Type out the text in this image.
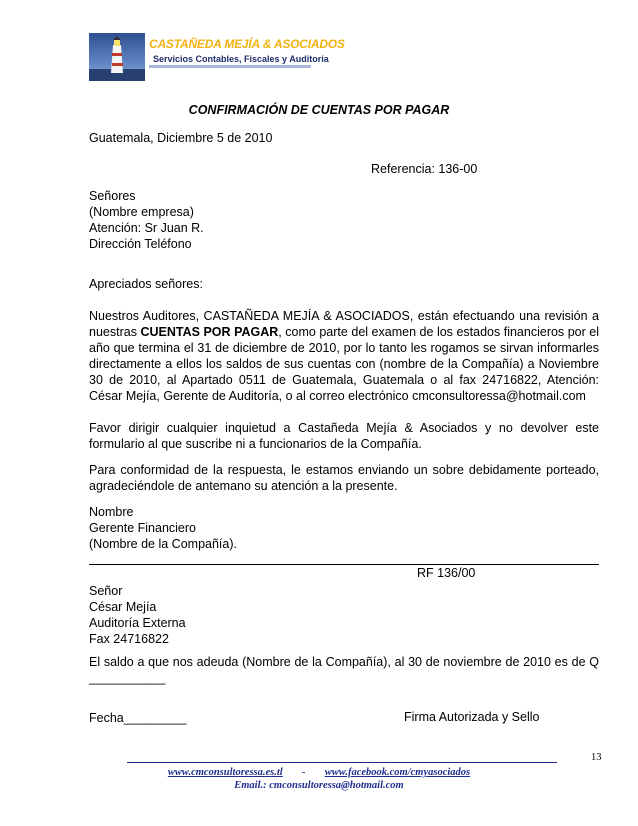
CASTAÑEDA MEJÍA & ASOCIADOS
Servicios Contables, Fiscales y Auditoría
CONFIRMACIÓN DE CUENTAS POR PAGAR
Guatemala, Diciembre 5 de 2010
Referencia: 136-00
Señores
(Nombre empresa)
Atención: Sr Juan R.
Dirección Teléfono
Apreciados señores:
Nuestros Auditores, CASTAÑEDA MEJÍA & ASOCIADOS, están efectuando una revisión a nuestras CUENTAS POR PAGAR, como parte del examen de los estados financieros por el año que termina el 31 de diciembre de 2010, por lo tanto les rogamos se sirvan informarles directamente a ellos los saldos de sus cuentas con (nombre de la Compañía) a Noviembre 30 de 2010, al Apartado 0511 de Guatemala, Guatemala o al fax 24716822, Atención: César Mejía, Gerente de Auditoría, o al correo electrónico cmconsultoressa@hotmail.com
Favor dirigir cualquier inquietud a Castañeda Mejía & Asociados y no devolver este formulario al que suscribe ni a funcionarios de la Compañía.
Para conformidad de la respuesta, le estamos enviando un sobre debidamente porteado, agradeciéndole de antemano su atención a la presente.
Nombre
Gerente Financiero
(Nombre de la Compañía).
RF 136/00
Señor
César Mejía
Auditoría Externa
Fax 24716822
El saldo a que nos adeuda (Nombre de la Compañía), al 30 de noviembre de 2010 es de Q ___________
Fecha_________	Firma Autorizada y Sello
13
www.cmconsultoressa.es.tl - www.facebook.com/cmyasociados
Email.: cmconsultoressa@hotmail.com
